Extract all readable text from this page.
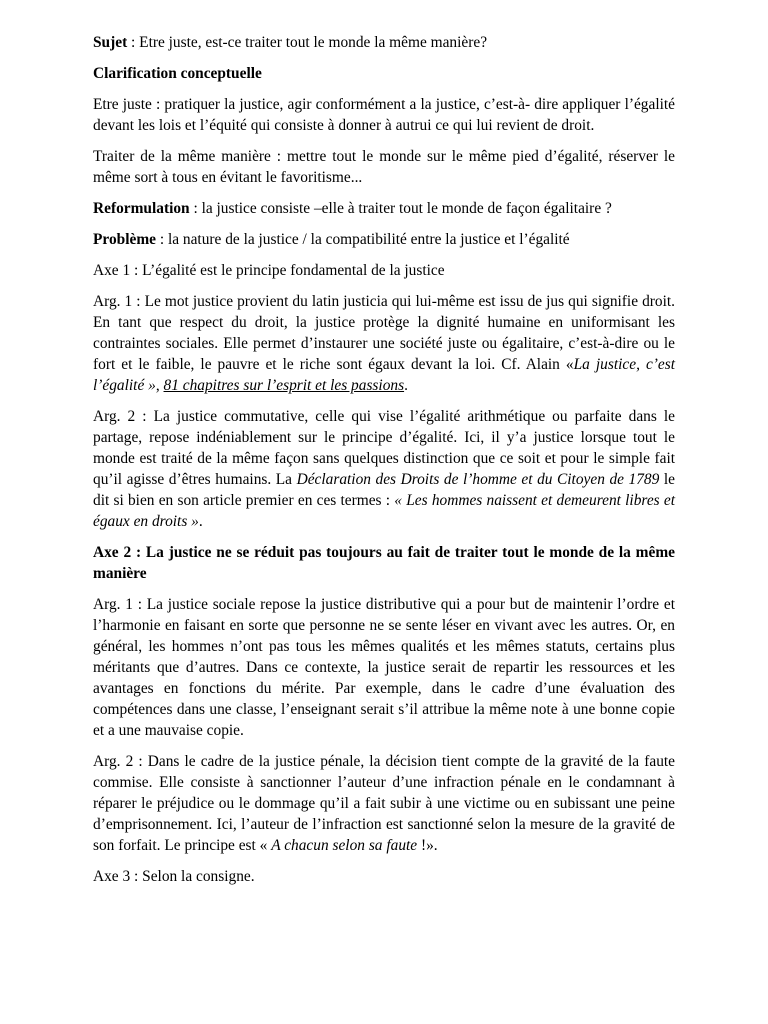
Sujet : Etre juste, est-ce traiter tout le monde la même manière?

Clarification conceptuelle

Etre juste : pratiquer la justice, agir conformément a la justice, c’est-à- dire appliquer l’égalité devant les lois et l’équité qui consiste à donner à autrui ce qui lui revient de droit.

Traiter de la même manière : mettre tout le monde sur le même pied d’égalité, réserver le même sort à tous en évitant le favoritisme...

Reformulation : la justice consiste –elle à traiter tout le monde de façon égalitaire ?

Problème : la nature de la justice / la compatibilité entre la justice et l’égalité

Axe 1 : L’égalité est le principe fondamental de la justice

Arg. 1 : Le mot justice provient du latin justicia qui lui-même est issu de jus qui signifie droit. En tant que respect du droit, la justice protège la dignité humaine en uniformisant les contraintes sociales. Elle permet d’instaurer une société juste ou égalitaire, c’est-à-dire ou le fort et le faible, le pauvre et le riche sont égaux devant la loi. Cf. Alain «La justice, c’est l’égalité », 81 chapitres sur l’esprit et les passions.

Arg. 2 : La justice commutative, celle qui vise l’égalité arithmétique ou parfaite dans le partage, repose indéniablement sur le principe d’égalité. Ici, il y’a justice lorsque tout le monde est traité de la même façon sans quelques distinction que ce soit et pour le simple fait qu’il agisse d’êtres humains. La Déclaration des Droits de l’homme et du Citoyen de 1789 le dit si bien en son article premier en ces termes : « Les hommes naissent et demeurent libres et égaux en droits ».

Axe 2 : La justice ne se réduit pas toujours au fait de traiter tout le monde de la même manière

Arg. 1 : La justice sociale repose la justice distributive qui a pour but de maintenir l’ordre et l’harmonie en faisant en sorte que personne ne se sente léser en vivant avec les autres. Or, en général, les hommes n’ont pas tous les mêmes qualités et les mêmes statuts, certains plus méritants que d’autres. Dans ce contexte, la justice serait de repartir les ressources et les avantages en fonctions du mérite. Par exemple, dans le cadre d’une évaluation des compétences dans une classe, l’enseignant serait s’il attribue la même note à une bonne copie et a une mauvaise copie.

Arg. 2 : Dans le cadre de la justice pénale, la décision tient compte de la gravité de la faute commise. Elle consiste à sanctionner l’auteur d’une infraction pénale en le condamnant à réparer le préjudice ou le dommage qu’il a fait subir à une victime ou en subissant une peine d’emprisonnement. Ici, l’auteur de l’infraction est sanctionné selon la mesure de la gravité de son forfait. Le principe est « A chacun selon sa faute !».

Axe 3 : Selon la consigne.
